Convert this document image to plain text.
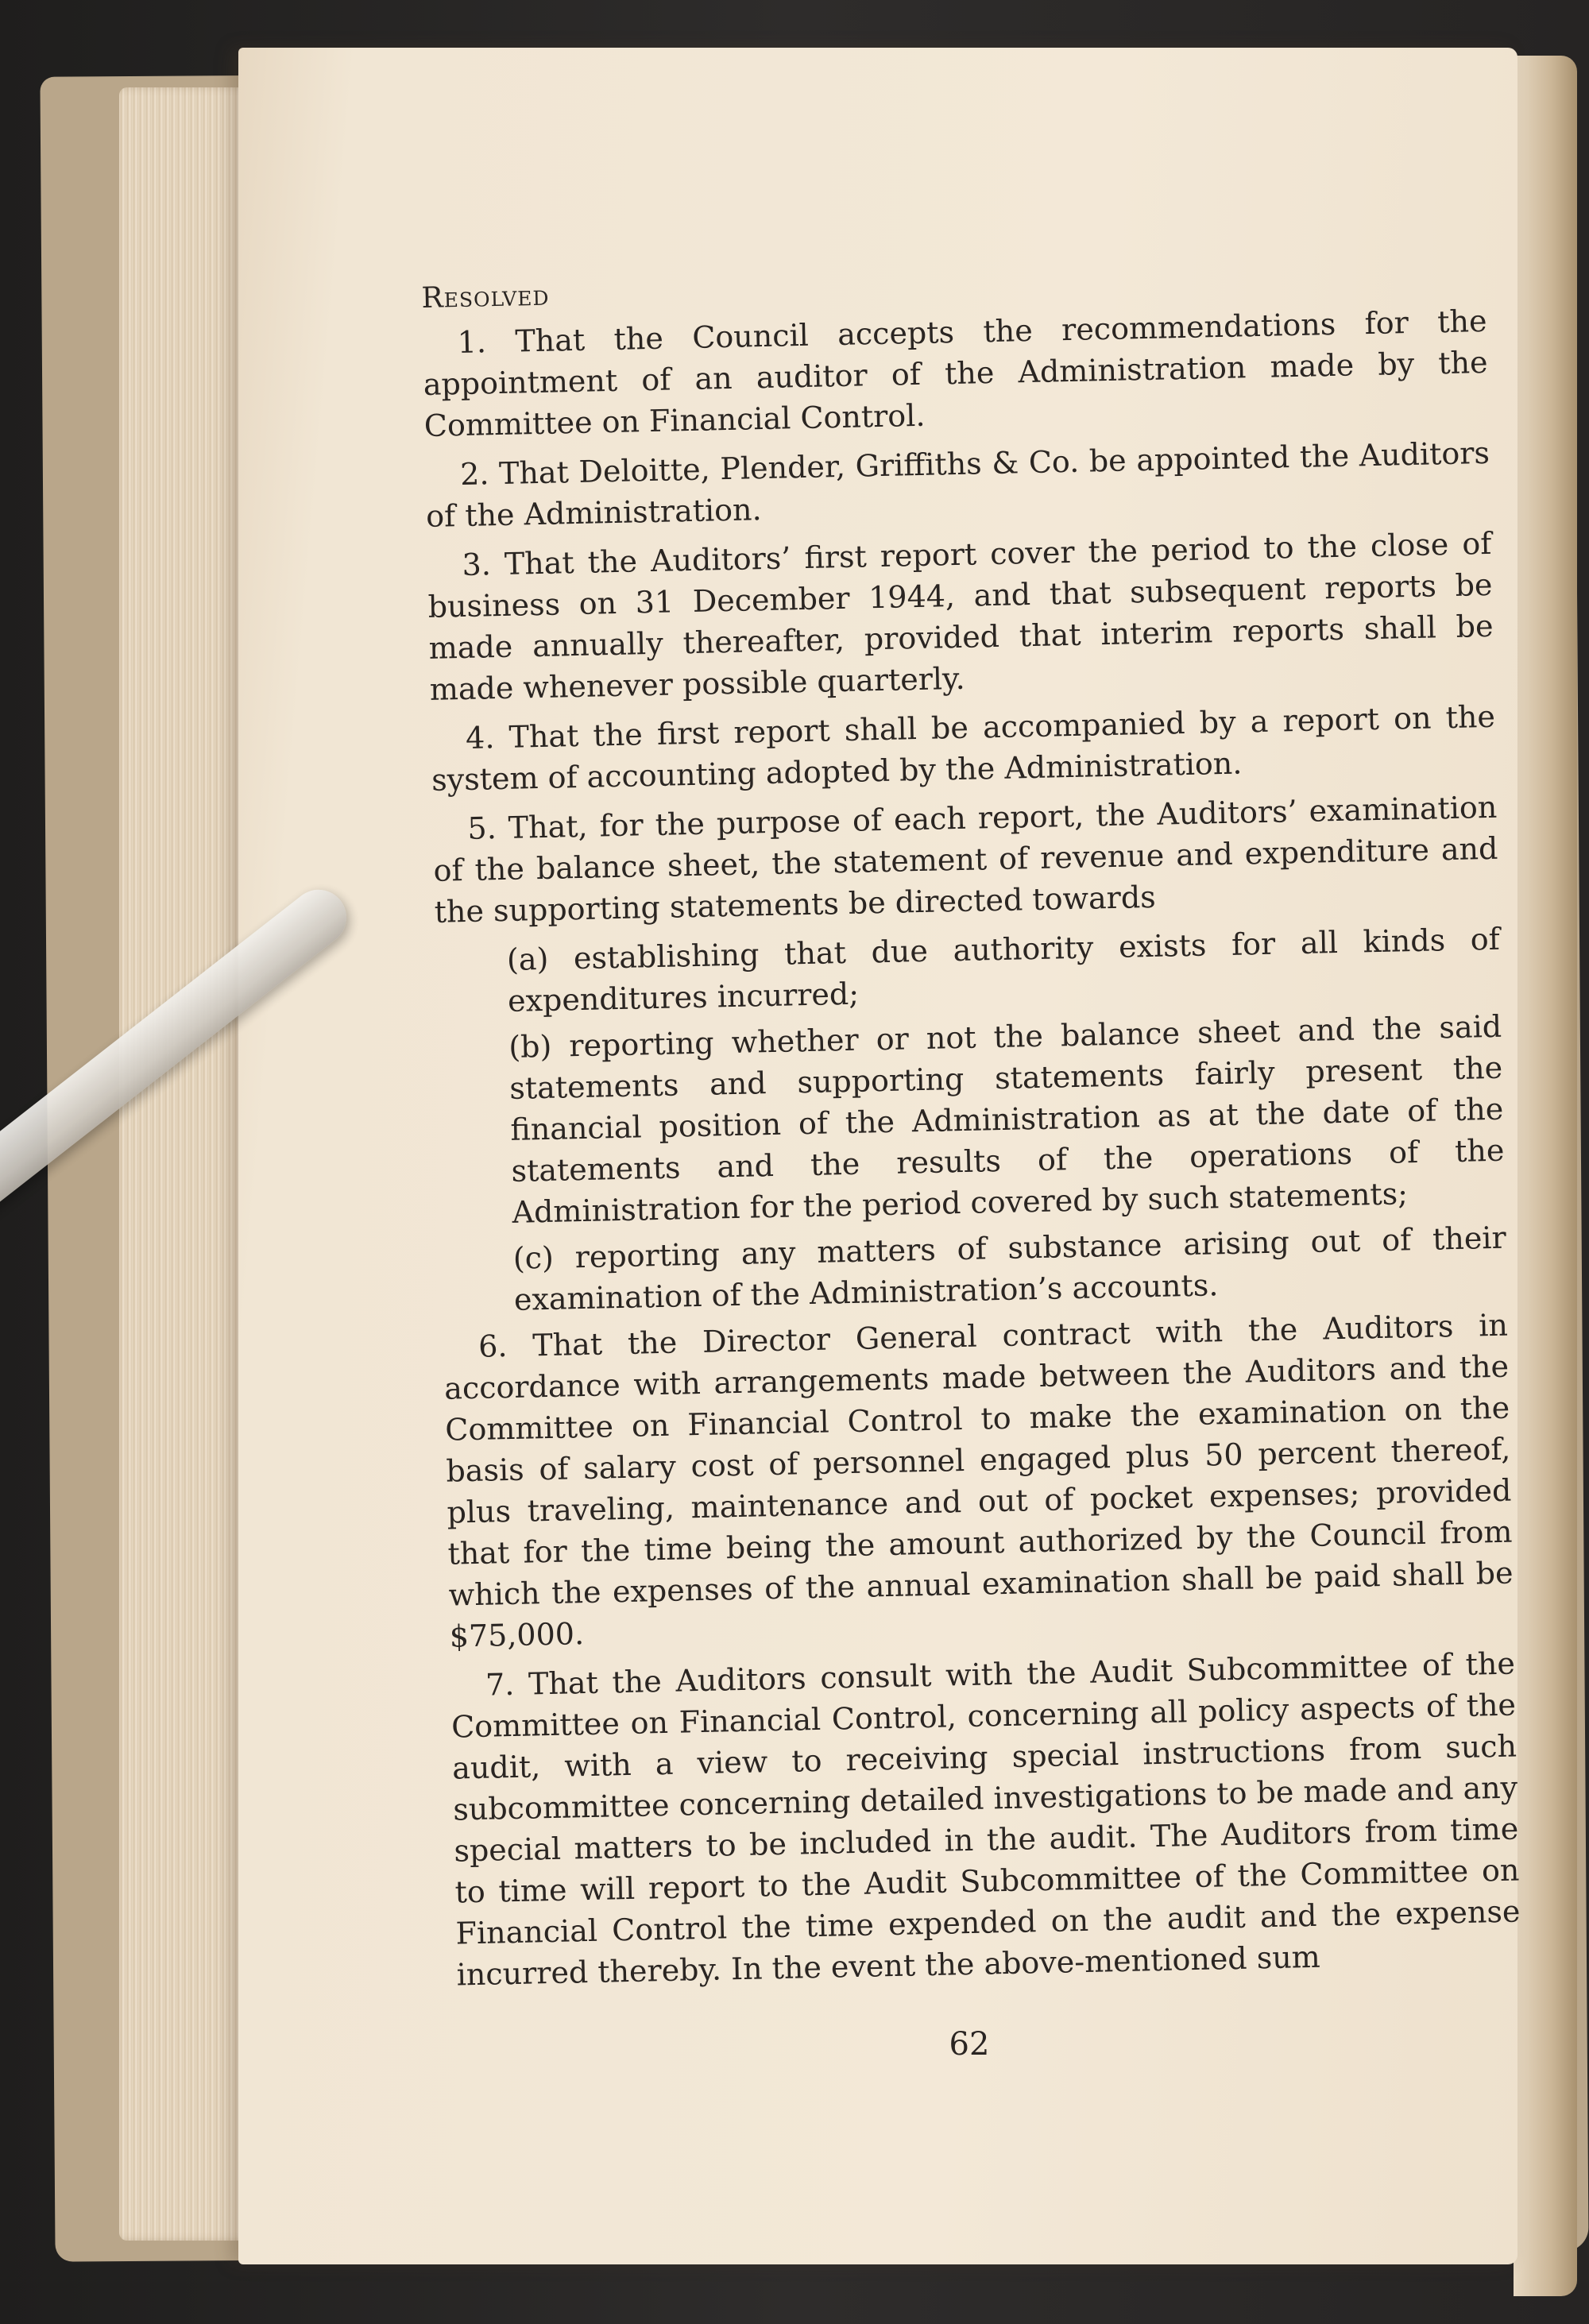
Resolved

1. That the Council accepts the recommendations for the appointment of an auditor of the Administration made by the Committee on Financial Control.

2. That Deloitte, Plender, Griffiths & Co. be appointed the Auditors of the Administration.

3. That the Auditors’ first report cover the period to the close of business on 31 December 1944, and that subsequent reports be made annually thereafter, provided that interim reports shall be made whenever possible quarterly.

4. That the first report shall be accompanied by a report on the system of accounting adopted by the Administration.

5. That, for the purpose of each report, the Auditors’ examination of the balance sheet, the statement of revenue and expenditure and the supporting statements be directed towards

(a) establishing that due authority exists for all kinds of expenditures incurred;

(b) reporting whether or not the balance sheet and the said statements and supporting statements fairly present the financial position of the Administration as at the date of the statements and the results of the operations of the Administration for the period covered by such statements;

(c) reporting any matters of substance arising out of their examination of the Administration’s accounts.

6. That the Director General contract with the Auditors in accordance with arrangements made between the Auditors and the Committee on Financial Control to make the examination on the basis of salary cost of personnel engaged plus 50 percent thereof, plus traveling, maintenance and out of pocket expenses; provided that for the time being the amount authorized by the Council from which the expenses of the annual examination shall be paid shall be $75,000.

7. That the Auditors consult with the Audit Subcommittee of the Committee on Financial Control, concerning all policy aspects of the audit, with a view to receiving special instructions from such subcommittee concerning detailed investigations to be made and any special matters to be included in the audit. The Auditors from time to time will report to the Audit Subcommittee of the Committee on Financial Control the time expended on the audit and the expense incurred thereby. In the event the above-mentioned sum

62
